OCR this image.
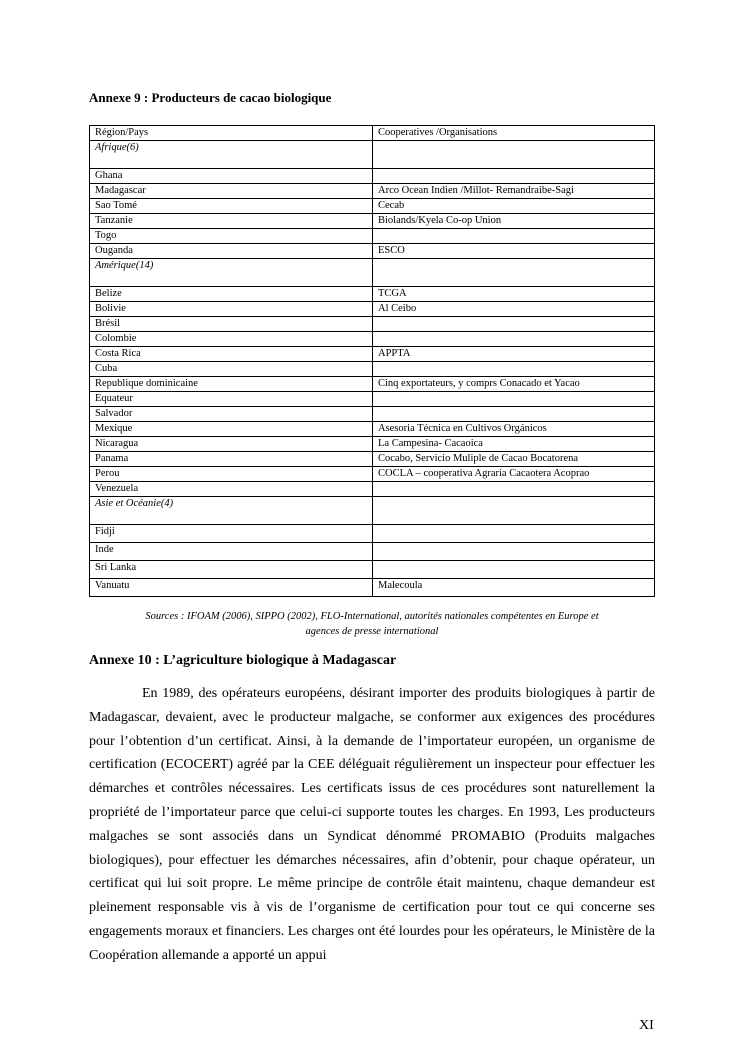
Annexe 9 : Producteurs de cacao biologique
Région/Pays	Cooperatives /Organisations
Afrique(6)	
Ghana	
Madagascar	Arco Ocean Indien /Millot- Remandraibe-Sagi
Sao Tomé	Cecab
Tanzanie	Biolands/Kyela Co-op Union
Togo	
Ouganda	ESCO
Amérique(14)	
Belize	TCGA
Bolivie	Al Ceibo
Brésil	
Colombie	
Costa Rica	APPTA
Cuba	
Republique dominicaine	Cinq exportateurs, y comprs Conacado et Yacao
Equateur	
Salvador	
Mexique	Asesoria Técnica en Cultivos Orgánicos
Nicaragua	La Campesina- Cacaoica
Panama	Cocabo, Servicio Muliple de Cacao Bocatorena
Perou	COCLA – cooperativa Agraria Cacaotera Acoprao
Venezuela	
Asie et Océanie(4)	
Fidji	
Inde	
Sri Lanka	
Vanuatu	Malecoula
Sources : IFOAM (2006), SIPPO (2002), FLO-International, autorités nationales compétentes en Europe et
agences de presse international
Annexe 10 : L’agriculture biologique à Madagascar

En 1989, des opérateurs européens, désirant importer des produits biologiques à partir de Madagascar, devaient, avec le producteur malgache, se conformer aux exigences des procédures pour l’obtention d’un certificat. Ainsi, à la demande de l’importateur européen, un organisme de certification (ECOCERT) agréé par la CEE déléguait régulièrement un inspecteur pour effectuer les démarches et contrôles nécessaires. Les certificats issus de ces procédures sont naturellement la propriété de l’importateur parce que celui-ci supporte toutes les charges. En 1993, Les producteurs malgaches se sont associés dans un Syndicat dénommé PROMABIO (Produits malgaches biologiques), pour effectuer les démarches nécessaires, afin d’obtenir, pour chaque opérateur, un certificat qui lui soit propre. Le même principe de contrôle était maintenu, chaque demandeur est pleinement responsable vis à vis de l’organisme de certification pour tout ce qui concerne ses engagements moraux et financiers. Les charges ont été lourdes pour les opérateurs, le Ministère de la Coopération allemande a apporté un appui

XI
